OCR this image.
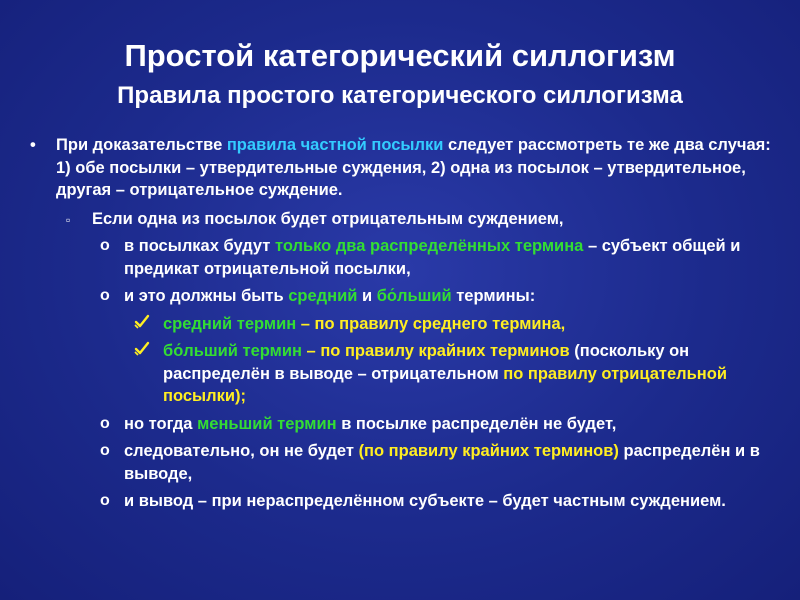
Простой категорический силлогизм
Правила простого категорического силлогизма
• При доказательстве правила частной посылки следует рассмотреть те же два случая: 1) обе посылки – утвердительные суждения, 2) одна из посылок – утвердительное, другая – отрицательное суждение.
▫ Если одна из посылок будет отрицательным суждением,
o в посылках будут только два распределённых термина – субъект общей и предикат отрицательной посылки,
o и это должны быть средний и бо́льший термины:
средний термин – по правилу среднего термина,
бо́льший термин – по правилу крайних терминов (поскольку он распределён в выводе – отрицательном по правилу отрицательной посылки);
o но тогда меньший термин в посылке распределён не будет,
o следовательно, он не будет (по правилу крайних терминов) распределён и в выводе,
o и вывод – при нераспределённом субъекте – будет частным суждением.
